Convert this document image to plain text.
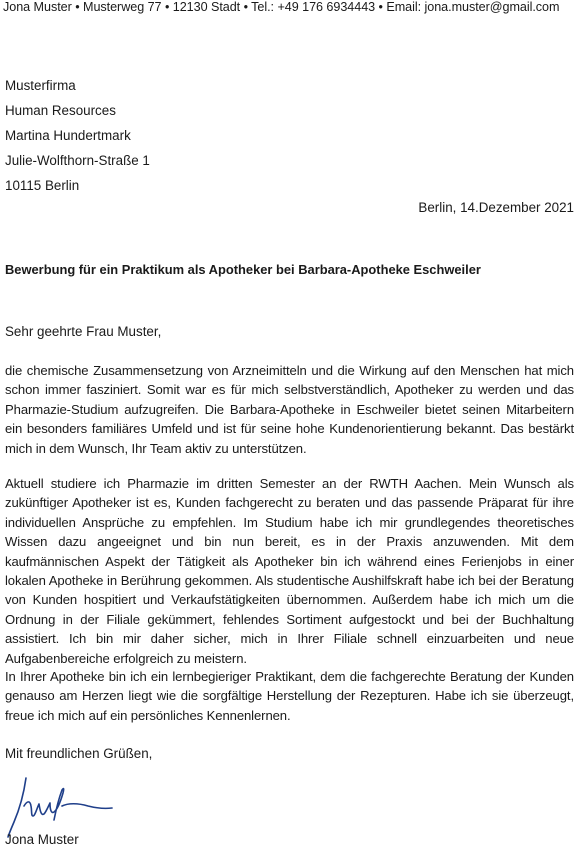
Jona Muster • Musterweg 77 • 12130 Stadt • Tel.: +49 176 6934443 • Email: jona.muster@gmail.com
Musterfirma
Human Resources
Martina Hundertmark
Julie-Wolfthorn-Straße 1
10115 Berlin
Berlin, 14.Dezember 2021
Bewerbung für ein Praktikum als Apotheker bei Barbara-Apotheke Eschweiler
Sehr geehrte Frau Muster,
die chemische Zusammensetzung von Arzneimitteln und die Wirkung auf den Menschen hat mich schon immer fasziniert. Somit war es für mich selbstverständlich, Apotheker zu werden und das Pharmazie-Studium aufzugreifen. Die Barbara-Apotheke in Eschweiler bietet seinen Mitarbeitern ein besonders familiäres Umfeld und ist für seine hohe Kundenorientierung bekannt. Das bestärkt mich in dem Wunsch, Ihr Team aktiv zu unterstützen.
Aktuell studiere ich Pharmazie im dritten Semester an der RWTH Aachen. Mein Wunsch als zukünftiger Apotheker ist es, Kunden fachgerecht zu beraten und das passende Präparat für ihre individuellen Ansprüche zu empfehlen. Im Studium habe ich mir grundlegendes theoretisches Wissen dazu angeeignet und bin nun bereit, es in der Praxis anzuwenden. Mit dem kaufmännischen Aspekt der Tätigkeit als Apotheker bin ich während eines Ferienjobs in einer lokalen Apotheke in Berührung gekommen. Als studentische Aushilfskraft habe ich bei der Beratung von Kunden hospitiert und Verkaufstätigkeiten übernommen. Außerdem habe ich mich um die Ordnung in der Filiale gekümmert, fehlendes Sortiment aufgestockt und bei der Buchhaltung assistiert. Ich bin mir daher sicher, mich in Ihrer Filiale schnell einzuarbeiten und neue Aufgabenbereiche erfolgreich zu meistern.
In Ihrer Apotheke bin ich ein lernbegieriger Praktikant, dem die fachgerechte Beratung der Kunden genauso am Herzen liegt wie die sorgfältige Herstellung der Rezepturen. Habe ich sie überzeugt, freue ich mich auf ein persönliches Kennenlernen.
Mit freundlichen Grüßen,
Jona Muster
